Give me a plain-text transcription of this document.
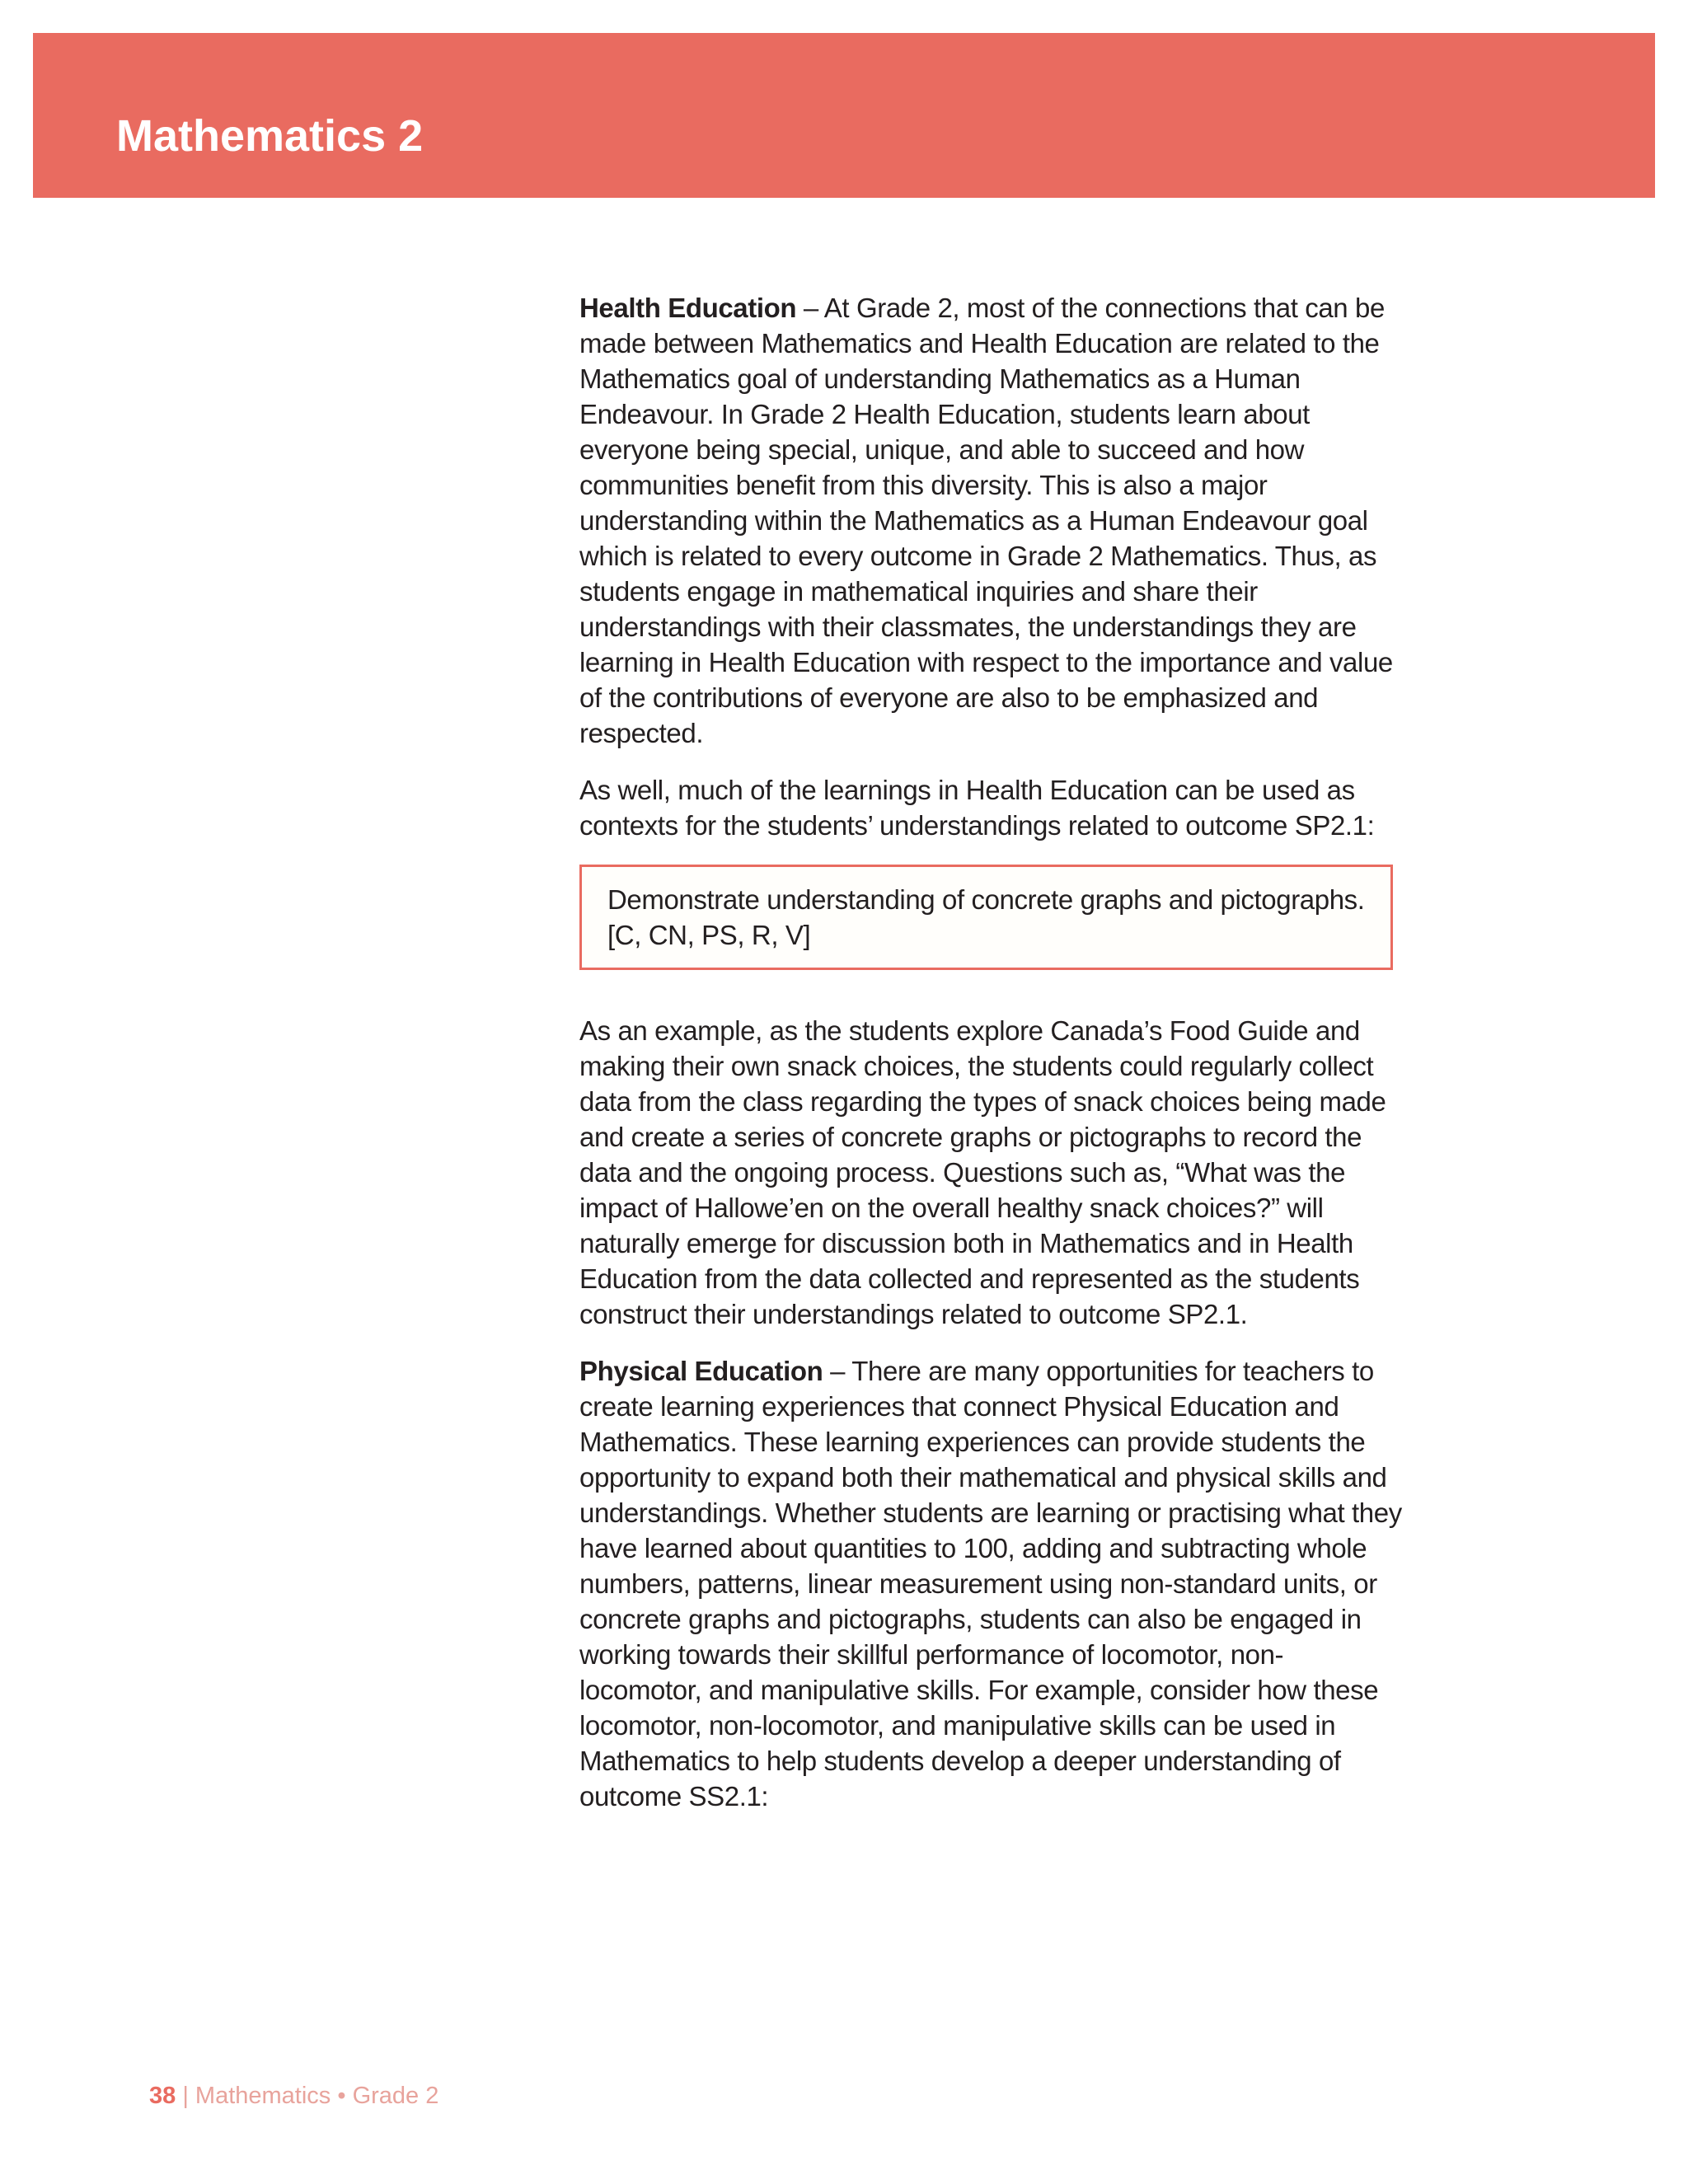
Mathematics 2

Health Education – At Grade 2, most of the connections that can be made between Mathematics and Health Education are related to the Mathematics goal of understanding Mathematics as a Human Endeavour. In Grade 2 Health Education, students learn about everyone being special, unique, and able to succeed and how communities benefit from this diversity. This is also a major understanding within the Mathematics as a Human Endeavour goal which is related to every outcome in Grade 2 Mathematics. Thus, as students engage in mathematical inquiries and share their understandings with their classmates, the understandings they are learning in Health Education with respect to the importance and value of the contributions of everyone are also to be emphasized and respected.

As well, much of the learnings in Health Education can be used as contexts for the students’ understandings related to outcome SP2.1:

Demonstrate understanding of concrete graphs and pictographs. [C, CN, PS, R, V]

As an example, as the students explore Canada’s Food Guide and making their own snack choices, the students could regularly collect data from the class regarding the types of snack choices being made and create a series of concrete graphs or pictographs to record the data and the ongoing process. Questions such as, “What was the impact of Hallowe’en on the overall healthy snack choices?” will naturally emerge for discussion both in Mathematics and in Health Education from the data collected and represented as the students construct their understandings related to outcome SP2.1.

Physical Education – There are many opportunities for teachers to create learning experiences that connect Physical Education and Mathematics. These learning experiences can provide students the opportunity to expand both their mathematical and physical skills and understandings. Whether students are learning or practising what they have learned about quantities to 100, adding and subtracting whole numbers, patterns, linear measurement using non-standard units, or concrete graphs and pictographs, students can also be engaged in working towards their skillful performance of locomotor, non-locomotor, and manipulative skills. For example, consider how these locomotor, non-locomotor, and manipulative skills can be used in Mathematics to help students develop a deeper understanding of outcome SS2.1:

38 | Mathematics • Grade 2
